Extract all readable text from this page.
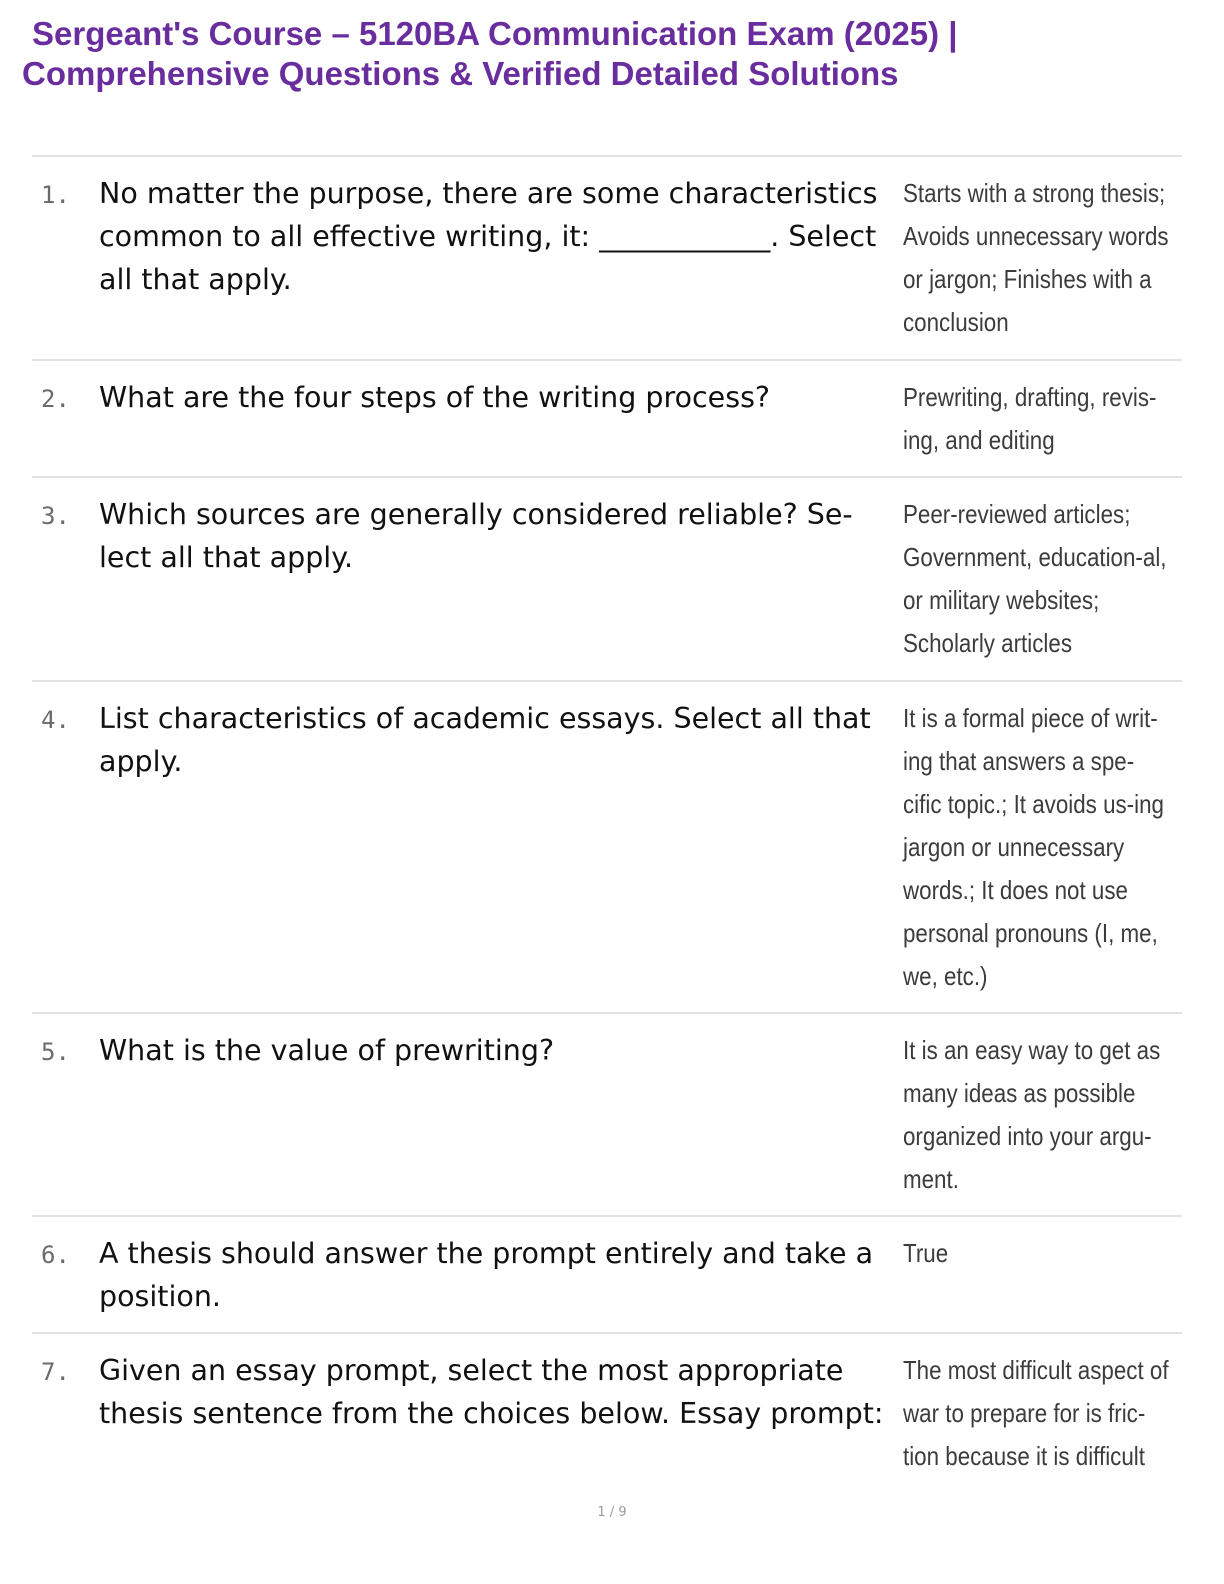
Sergeant's Course – 5120BA Communication Exam (2025) |
Comprehensive Questions & Verified Detailed Solutions
1. No matter the purpose, there are some characteristics common to all effective writing, it: ____________. Select all that apply.
Starts with a strong thesis; Avoids unnecessary words or jargon; Finishes with a conclusion
2. What are the four steps of the writing process?	Prewriting, drafting, revis-ing, and editing
3. Which sources are generally considered reliable? Se-lect all that apply.
Peer-reviewed articles; Government, education-al, or military websites; Scholarly articles
4. List characteristics of academic essays. Select all that apply.
It is a formal piece of writ-ing that answers a spe-cific topic.; It avoids us-ing jargon or unnecessary words.; It does not use personal pronouns (I, me, we, etc.)
5. What is the value of prewriting?	It is an easy way to get as many ideas as possible organized into your argu-ment.
6. A thesis should answer the prompt entirely and take a position.
True
7. Given an essay prompt, select the most appropriate thesis sentence from the choices below. Essay prompt:
The most difficult aspect of war to prepare for is fric-tion because it is difficult
1 / 9
